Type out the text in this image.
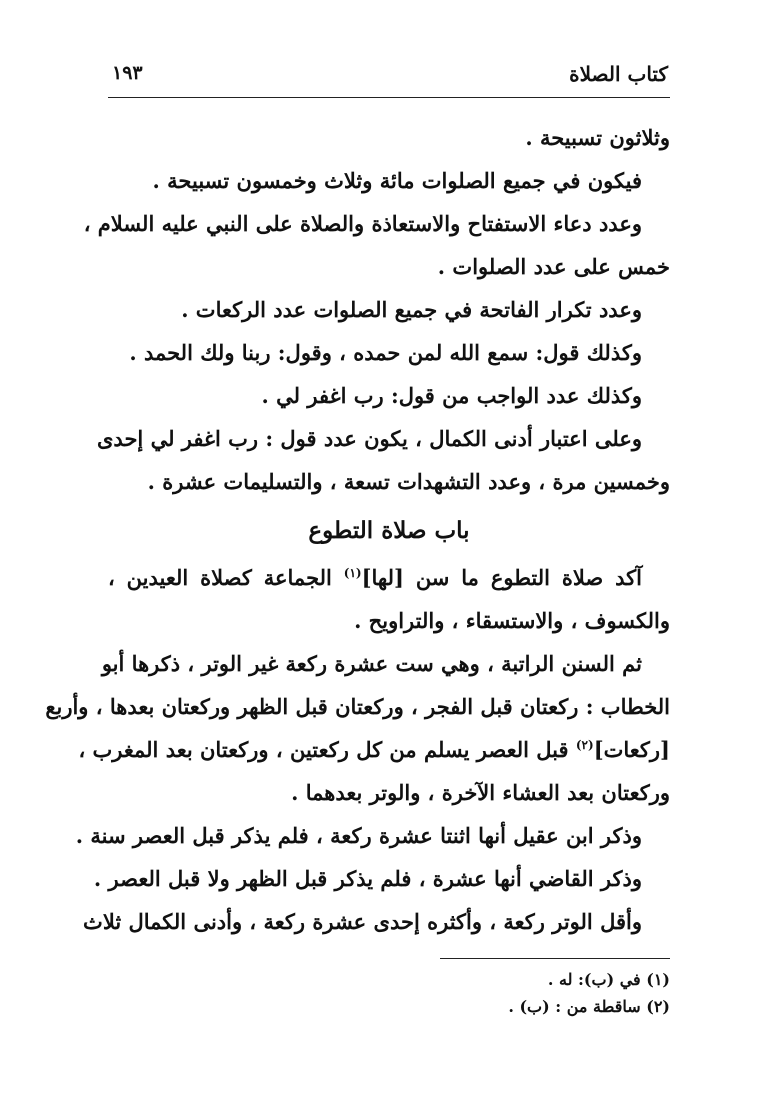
كتاب الصلاة
١٩٣
وثلاثون تسبيحة .
فيكون في جميع الصلوات مائة وثلاث وخمسون تسبيحة .
وعدد دعاء الاستفتاح والاستعاذة والصلاة على النبي عليه السلام ،
خمس على عدد الصلوات .
وعدد تكرار الفاتحة في جميع الصلوات عدد الركعات .
وكذلك قول: سمع الله لمن حمده ، وقول: ربنا ولك الحمد .
وكذلك عدد الواجب من قول: رب اغفر لي .
وعلى اعتبار أدنى الكمال ، يكون عدد قول : رب اغفر لي إحدى
وخمسين مرة ، وعدد التشهدات تسعة ، والتسليمات عشرة .
باب صلاة التطوع
آكد صلاة التطوع ما سن [لها]$^{(١)}$ الجماعة كصلاة العيدين ،
والكسوف ، والاستسقاء ، والتراويح .
ثم السنن الراتبة ، وهي ست عشرة ركعة غير الوتر ، ذكرها أبو
الخطاب : ركعتان قبل الفجر ، وركعتان قبل الظهر وركعتان بعدها ، وأربع
[ركعات]$^{(٢)}$ قبل العصر يسلم من كل ركعتين ، وركعتان بعد المغرب ،
وركعتان بعد العشاء الآخرة ، والوتر بعدهما .
وذكر ابن عقيل أنها اثنتا عشرة ركعة ، فلم يذكر قبل العصر سنة .
وذكر القاضي أنها عشرة ، فلم يذكر قبل الظهر ولا قبل العصر .
وأقل الوتر ركعة ، وأكثره إحدى عشرة ركعة ، وأدنى الكمال ثلاث
(١) في (ب): له .
(٢) ساقطة من : (ب) .
